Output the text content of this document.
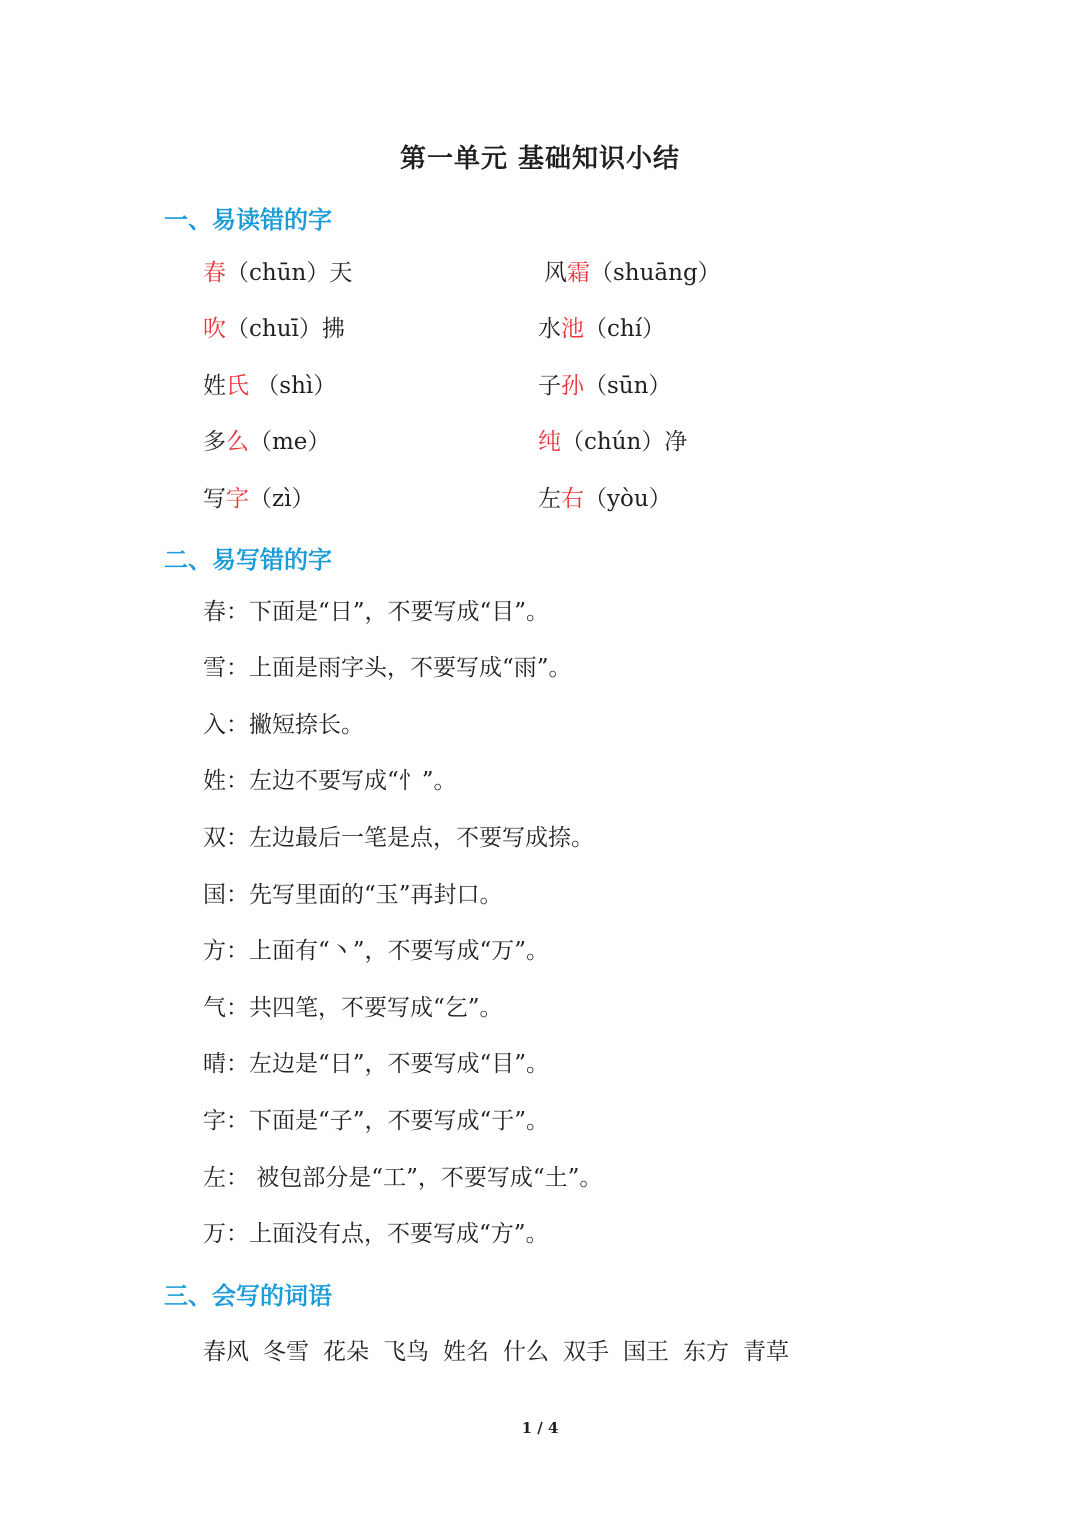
第一单元 基础知识小结
一、易读错的字
春（chūn）天	风霜（shuāng）
吹（chuī）拂	水池（chí）
姓氏 （shì）	子孙（sūn）
多么（me）	纯（chún）净
写字（zì）	左右（yòu）
二、易写错的字
春：下面是“日”，不要写成“目”。
雪：上面是雨字头，不要写成“雨”。
入：撇短捺长。
姓：左边不要写成“忄”。
双：左边最后一笔是点，不要写成捺。
国：先写里面的“玉”再封口。
方：上面有“丶”，不要写成“万”。
气：共四笔，不要写成“乞”。
晴：左边是“日”，不要写成“目”。
字：下面是“子”，不要写成“于”。
左： 被包部分是“工”，不要写成“土”。
万：上面没有点，不要写成“方”。
三、会写的词语
春风 冬雪 花朵 飞鸟 姓名 什么 双手 国王 东方 青草
1 / 4
